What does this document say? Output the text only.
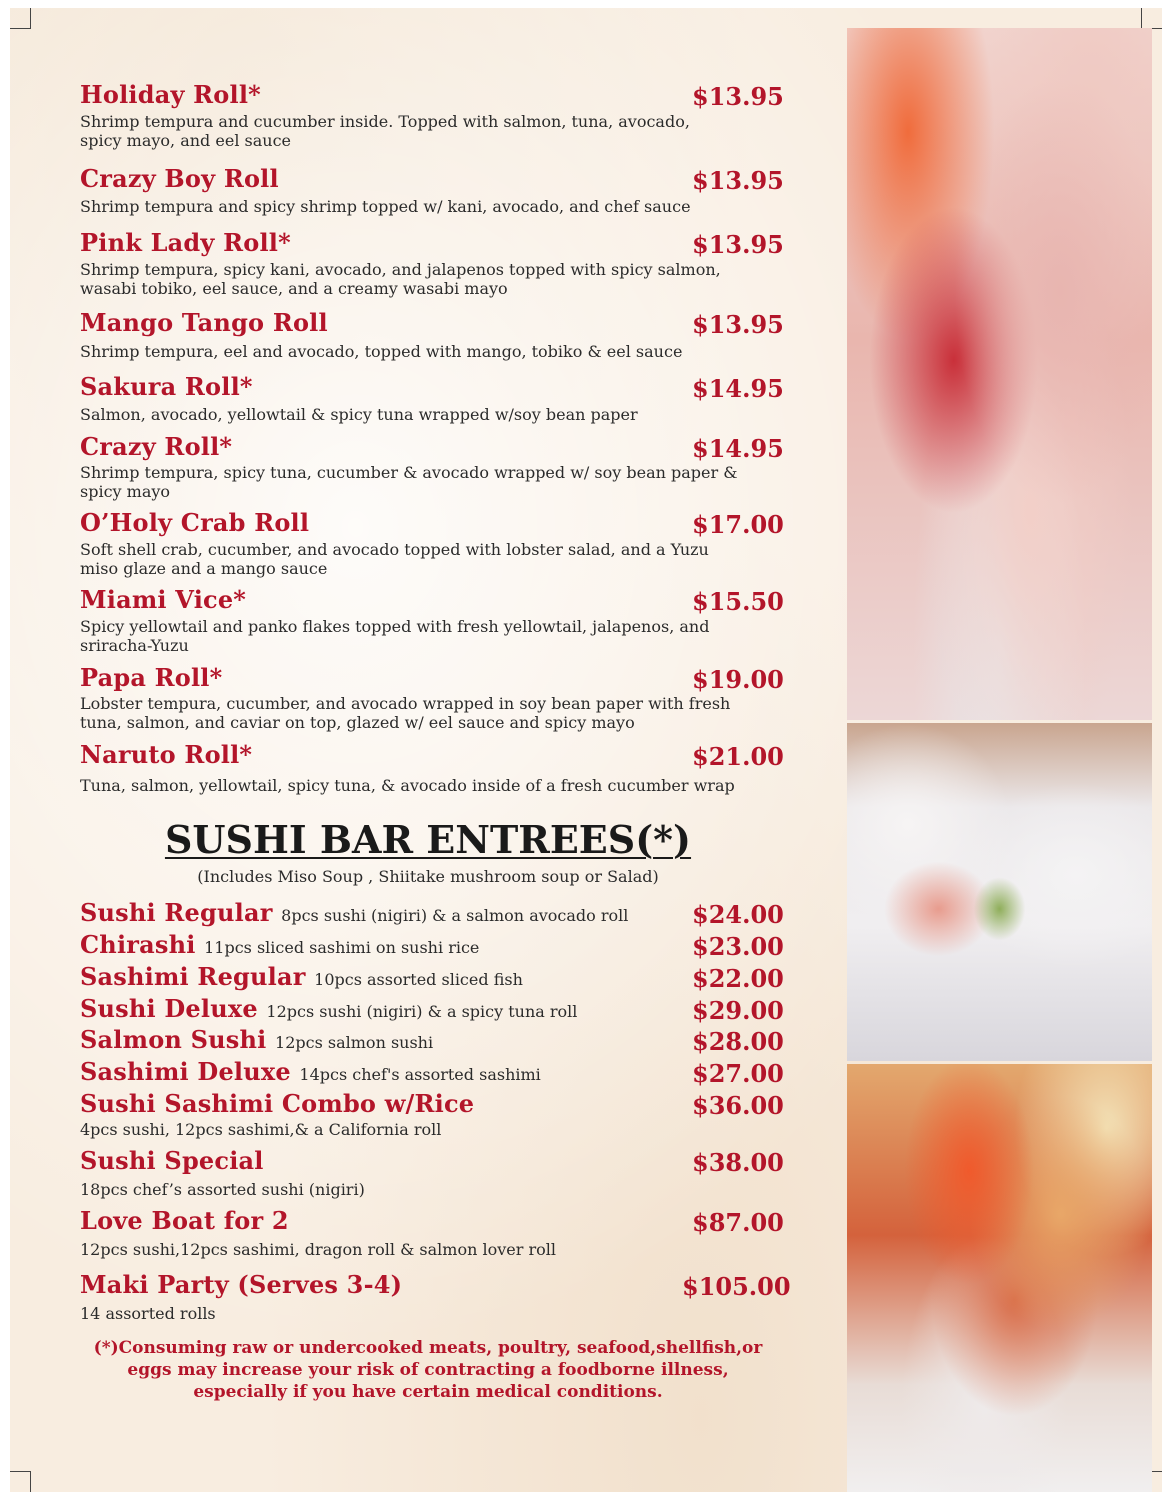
Holiday Roll*	$13.95
Shrimp tempura and cucumber inside. Topped with salmon, tuna, avocado, spicy mayo, and eel sauce
Crazy Boy Roll	$13.95
Shrimp tempura and spicy shrimp topped w/ kani, avocado, and chef sauce
Pink Lady Roll*	$13.95
Shrimp tempura, spicy kani, avocado, and jalapenos topped with spicy salmon, wasabi tobiko, eel sauce, and a creamy wasabi mayo
Mango Tango Roll	$13.95
Shrimp tempura, eel and avocado, topped with mango, tobiko & eel sauce
Sakura Roll*	$14.95
Salmon, avocado, yellowtail & spicy tuna wrapped w/soy bean paper
Crazy Roll*	$14.95
Shrimp tempura, spicy tuna, cucumber & avocado wrapped w/ soy bean paper & spicy mayo
O’Holy Crab Roll	$17.00
Soft shell crab, cucumber, and avocado topped with lobster salad, and a Yuzu miso glaze and a mango sauce
Miami Vice*	$15.50
Spicy yellowtail and panko flakes topped with fresh yellowtail, jalapenos, and sriracha-Yuzu
Papa Roll*	$19.00
Lobster tempura, cucumber, and avocado wrapped in soy bean paper with fresh tuna, salmon, and caviar on top, glazed w/ eel sauce and spicy mayo
Naruto Roll*	$21.00
Tuna, salmon, yellowtail, spicy tuna, & avocado inside of a fresh cucumber wrap
SUSHI BAR ENTREES(*)
(Includes Miso Soup , Shiitake mushroom soup or Salad)
Sushi Regular 8pcs sushi (nigiri) & a salmon avocado roll	$24.00
Chirashi 11pcs sliced sashimi on sushi rice	$23.00
Sashimi Regular 10pcs assorted sliced fish	$22.00
Sushi Deluxe 12pcs sushi (nigiri) & a spicy tuna roll	$29.00
Salmon Sushi 12pcs salmon sushi	$28.00
Sashimi Deluxe 14pcs chef's assorted sashimi	$27.00
Sushi Sashimi Combo w/Rice	$36.00
4pcs sushi, 12pcs sashimi,& a California roll
Sushi Special	$38.00
18pcs chef’s assorted sushi (nigiri)
Love Boat for 2	$87.00
12pcs sushi,12pcs sashimi, dragon roll & salmon lover roll
Maki Party (Serves 3-4)	$105.00
14 assorted rolls
(*)Consuming raw or undercooked meats, poultry, seafood,shellfish,or eggs may increase your risk of contracting a foodborne illness, especially if you have certain medical conditions.
